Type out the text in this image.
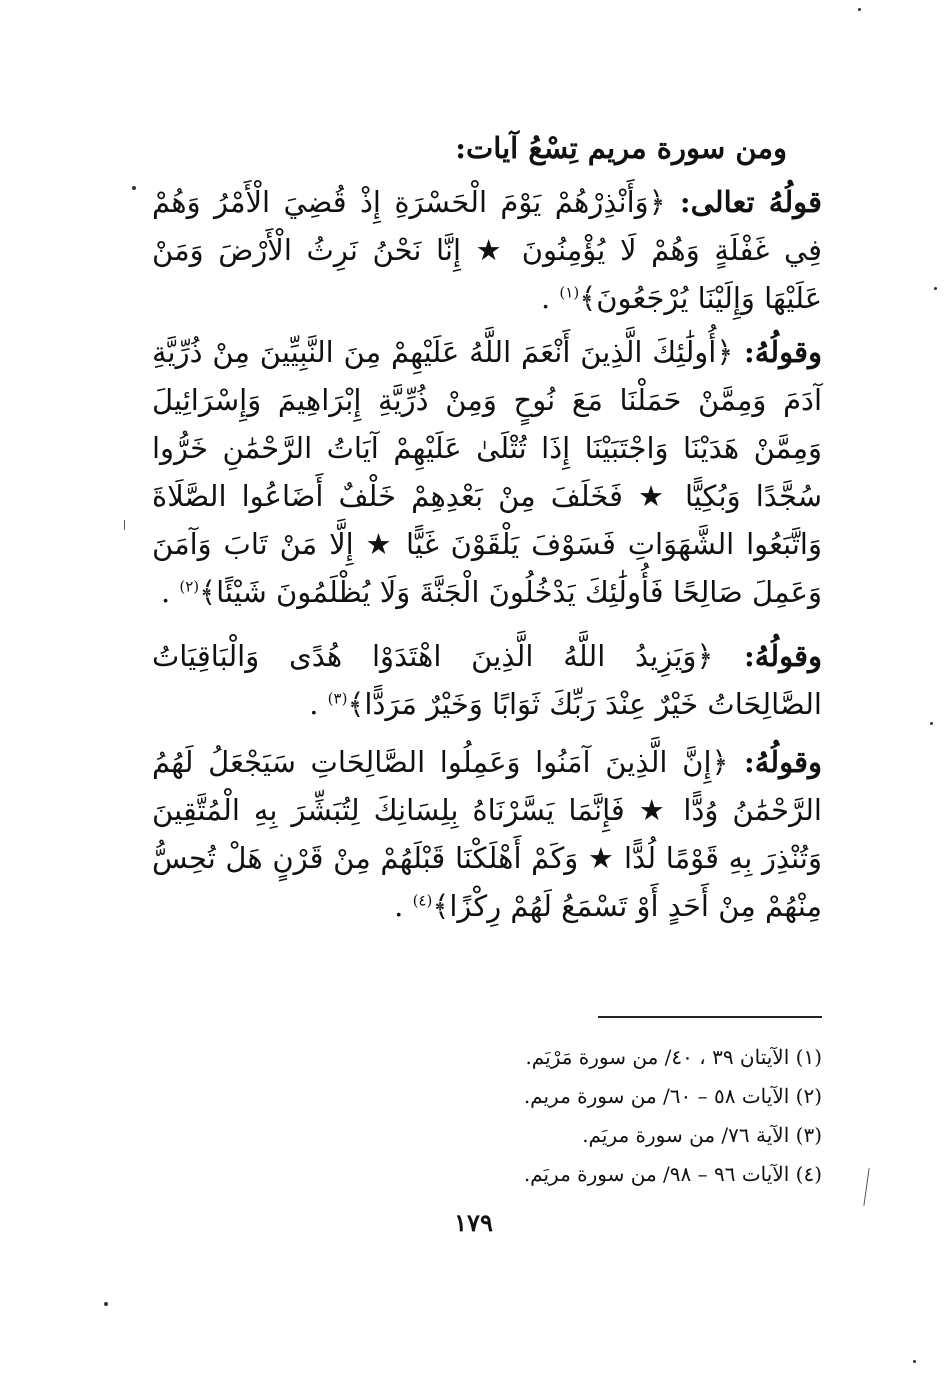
ومن سورة مريم تِسْعُ آيات:
قولُهُ تعالى: ﴿وَأَنْذِرْهُمْ يَوْمَ الْحَسْرَةِ إِذْ قُضِيَ الْأَمْرُ وَهُمْ فِي غَفْلَةٍ وَهُمْ لَا يُؤْمِنُونَ ★ إِنَّا نَحْنُ نَرِثُ الْأَرْضَ وَمَنْ عَلَيْهَا وَإِلَيْنَا يُرْجَعُونَ﴾$^{(١)}$ .
وقولُهُ: ﴿أُولَٰئِكَ الَّذِينَ أَنْعَمَ اللَّهُ عَلَيْهِمْ مِنَ النَّبِيِّينَ مِنْ ذُرِّيَّةِ آدَمَ وَمِمَّنْ حَمَلْنَا مَعَ نُوحٍ وَمِنْ ذُرِّيَّةِ إِبْرَاهِيمَ وَإِسْرَائِيلَ وَمِمَّنْ هَدَيْنَا وَاجْتَبَيْنَا إِذَا تُتْلَىٰ عَلَيْهِمْ آيَاتُ الرَّحْمَٰنِ خَرُّوا سُجَّدًا وَبُكِيًّا ★ فَخَلَفَ مِنْ بَعْدِهِمْ خَلْفٌ أَضَاعُوا الصَّلَاةَ وَاتَّبَعُوا الشَّهَوَاتِ فَسَوْفَ يَلْقَوْنَ غَيًّا ★ إِلَّا مَنْ تَابَ وَآمَنَ وَعَمِلَ صَالِحًا فَأُولَٰئِكَ يَدْخُلُونَ الْجَنَّةَ وَلَا يُظْلَمُونَ شَيْئًا﴾$^{(٢)}$ .
وقولُهُ: ﴿وَيَزِيدُ اللَّهُ الَّذِينَ اهْتَدَوْا هُدًى وَالْبَاقِيَاتُ الصَّالِحَاتُ خَيْرٌ عِنْدَ رَبِّكَ ثَوَابًا وَخَيْرٌ مَرَدًّا﴾$^{(٣)}$ .
وقولُهُ: ﴿إِنَّ الَّذِينَ آمَنُوا وَعَمِلُوا الصَّالِحَاتِ سَيَجْعَلُ لَهُمُ الرَّحْمَٰنُ وُدًّا ★ فَإِنَّمَا يَسَّرْنَاهُ بِلِسَانِكَ لِتُبَشِّرَ بِهِ الْمُتَّقِينَ وَتُنْذِرَ بِهِ قَوْمًا لُدًّا ★ وَكَمْ أَهْلَكْنَا قَبْلَهُمْ مِنْ قَرْنٍ هَلْ تُحِسُّ مِنْهُمْ مِنْ أَحَدٍ أَوْ تَسْمَعُ لَهُمْ رِكْزًا﴾$^{(٤)}$ .
(١) الآيتان ٣٩ ، ٤٠/ من سورة مَرْيَم.
(٢) الآيات ٥٨ – ٦٠/ من سورة مريم.
(٣) الآية ٧٦/ من سورة مريَم.
(٤) الآيات ٩٦ – ٩٨/ من سورة مريَم.
١٧٩
